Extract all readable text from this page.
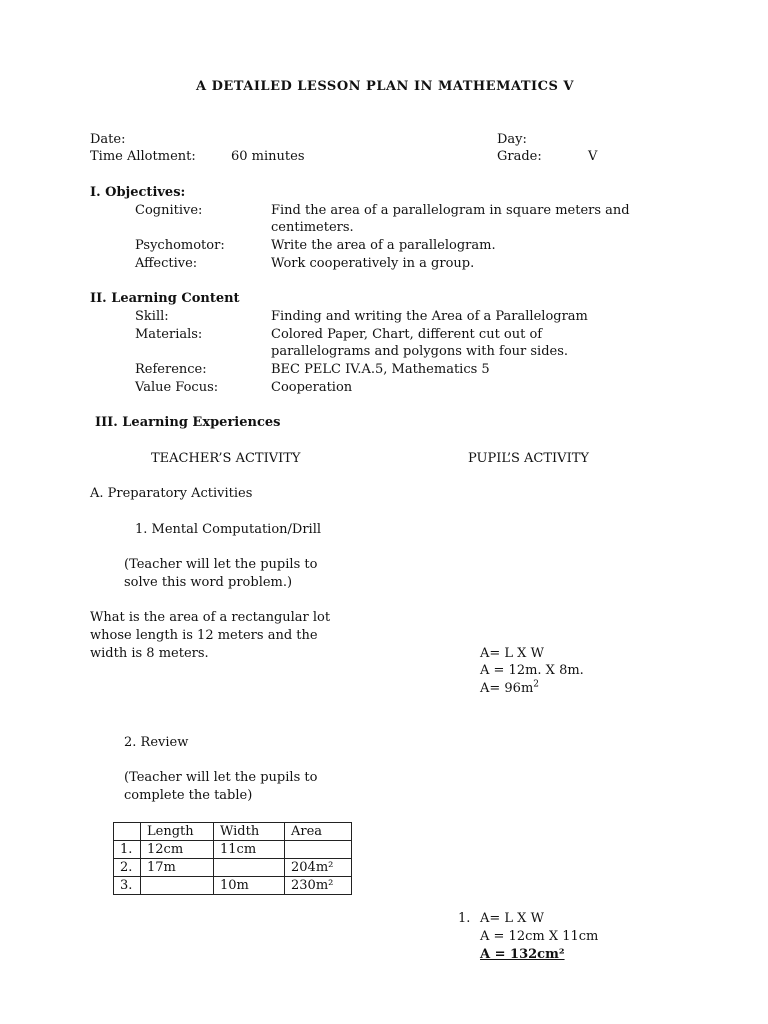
A DETAILED LESSON PLAN IN MATHEMATICS V
Date:	Day:
Time Allotment:	60 minutes	Grade:	V
I. Objectives:
Cognitive:	Find the area of a parallelogram in square meters and
centimeters.
Psychomotor:	Write the area of a parallelogram.
Affective:	Work cooperatively in a group.
II. Learning Content
Skill:	Finding and writing the Area of a Parallelogram
Materials:	Colored Paper, Chart, different cut out of
parallelograms and polygons with four sides.
Reference:	BEC PELC IV.A.5, Mathematics 5
Value Focus:	Cooperation
III. Learning Experiences
TEACHER’S ACTIVITY	PUPIL’S ACTIVITY
A. Preparatory Activities
1. Mental Computation/Drill
(Teacher will let the pupils to
solve this word problem.)
What is the area of a rectangular lot
whose length is 12 meters and the
width is 8 meters.	A= L X W
A = 12m. X 8m.
$A= 96m^2$
2. Review
(Teacher will let the pupils to
complete the table)
	Length	Width	Area
1.	12cm	11cm	
2.	17m		204m²
3.		10m	230m²
1. A= L X W
A = 12cm X 11cm
A = 132cm²
